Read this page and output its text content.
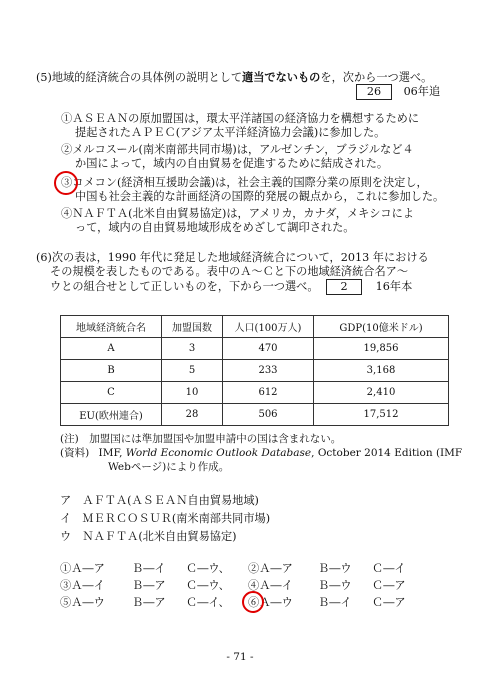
(5)地域的経済統合の具体例の説明として適当でないものを，次から一つ選べ。
26 06年追
①ＡＳＥＡＮの原加盟国は，環太平洋諸国の経済協力を構想するために
提起されたＡＰＥＣ(アジア太平洋経済協力会議)に参加した。
②メルコスール(南米南部共同市場)は，アルゼンチン，ブラジルなど４
か国によって，域内の自由貿易を促進するために結成された。
③コメコン(経済相互援助会議)は，社会主義的国際分業の原則を決定し，
中国も社会主義的な計画経済の国際的発展の観点から，これに参加した。
④ＮＡＦＴＡ(北米自由貿易協定)は，アメリカ，カナダ，メキシコによ
って，域内の自由貿易地域形成をめざして調印された。
(6)次の表は，1990 年代に発足した地域経済統合について，2013 年における
その規模を表したものである。表中のＡ～Ｃと下の地域経済統合名ア～
ウとの組合せとして正しいものを，下から一つ選べ。 2	16年本
地域経済統合名	加盟国数	人口(100万人)	GDP(10億米ドル)
A	3	470	19,856
B	5	233	3,168
C	10	612	2,410
EU(欧州連合)	28	506	17,512
(注)　加盟国には準加盟国や加盟申請中の国は含まれない。
(資料) IMF, World Economic Outlook Database, October 2014 Edition (IMF
Webページ)により作成。
ア　ＡＦＴＡ(ＡＳＥＡＮ自由貿易地域)
イ　ＭＥＲＣＯＳＵＲ(南米南部共同市場)
ウ　ＮＡＦＴＡ(北米自由貿易協定)
①Ａ―ア Ｂ―イ Ｃ―ウ、 ②Ａ―ア Ｂ―ウ Ｃ―イ
③Ａ―イ Ｂ―ア Ｃ―ウ、 ④Ａ―イ Ｂ―ウ Ｃ―ア
⑤Ａ―ウ Ｂ―ア Ｃ―イ、 ⑥Ａ―ウ Ｂ―イ Ｃ―ア
- 71 -
